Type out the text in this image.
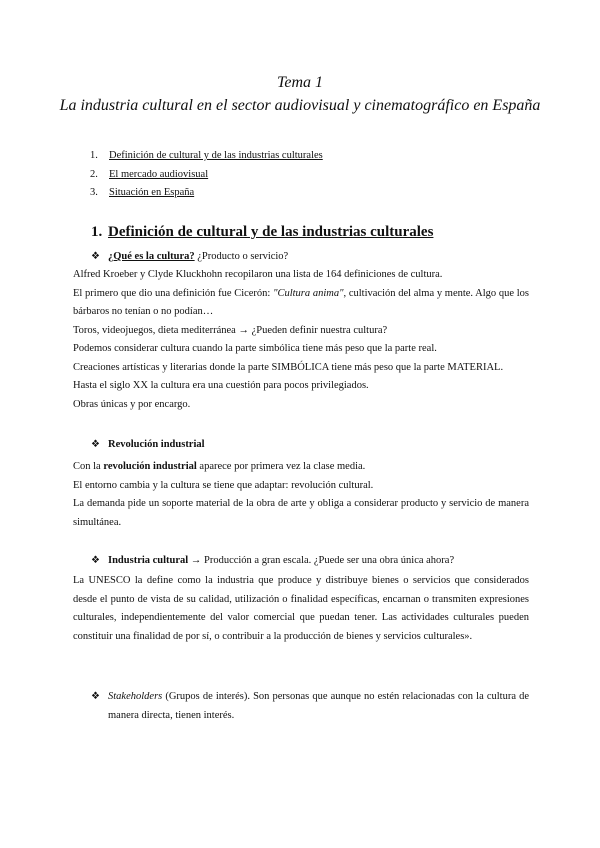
Tema 1
La industria cultural en el sector audiovisual y cinematográfico en España
1.	Definición de cultural y de las industrias culturales
2.	El mercado audiovisual
3.	Situación en España
1. Definición de cultural y de las industrias culturales
❖ ¿Qué es la cultura? ¿Producto o servicio?
Alfred Kroeber y Clyde Kluckhohn recopilaron una lista de 164 definiciones de cultura.
El primero que dio una definición fue Cicerón: "Cultura anima", cultivación del alma y mente. Algo que los bárbaros no tenían o no podían…
Toros, videojuegos, dieta mediterránea → ¿Pueden definir nuestra cultura?
Podemos considerar cultura cuando la parte simbólica tiene más peso que la parte real.
Creaciones artísticas y literarias donde la parte SIMBÓLICA tiene más peso que la parte MATERIAL.
Hasta el siglo XX la cultura era una cuestión para pocos privilegiados.
Obras únicas y por encargo.
❖ Revolución industrial
Con la revolución industrial aparece por primera vez la clase media.
El entorno cambia y la cultura se tiene que adaptar: revolución cultural.
La demanda pide un soporte material de la obra de arte y obliga a considerar producto y servicio de manera simultánea.
❖ Industria cultural → Producción a gran escala. ¿Puede ser una obra única ahora?
La UNESCO la define como la industria que produce y distribuye bienes o servicios que considerados desde el punto de vista de su calidad, utilización o finalidad específicas, encarnan o transmiten expresiones culturales, independientemente del valor comercial que puedan tener. Las actividades culturales pueden constituir una finalidad de por sí, o contribuir a la producción de bienes y servicios culturales».
❖ Stakeholders (Grupos de interés). Son personas que aunque no estén relacionadas con la cultura de manera directa, tienen interés.
